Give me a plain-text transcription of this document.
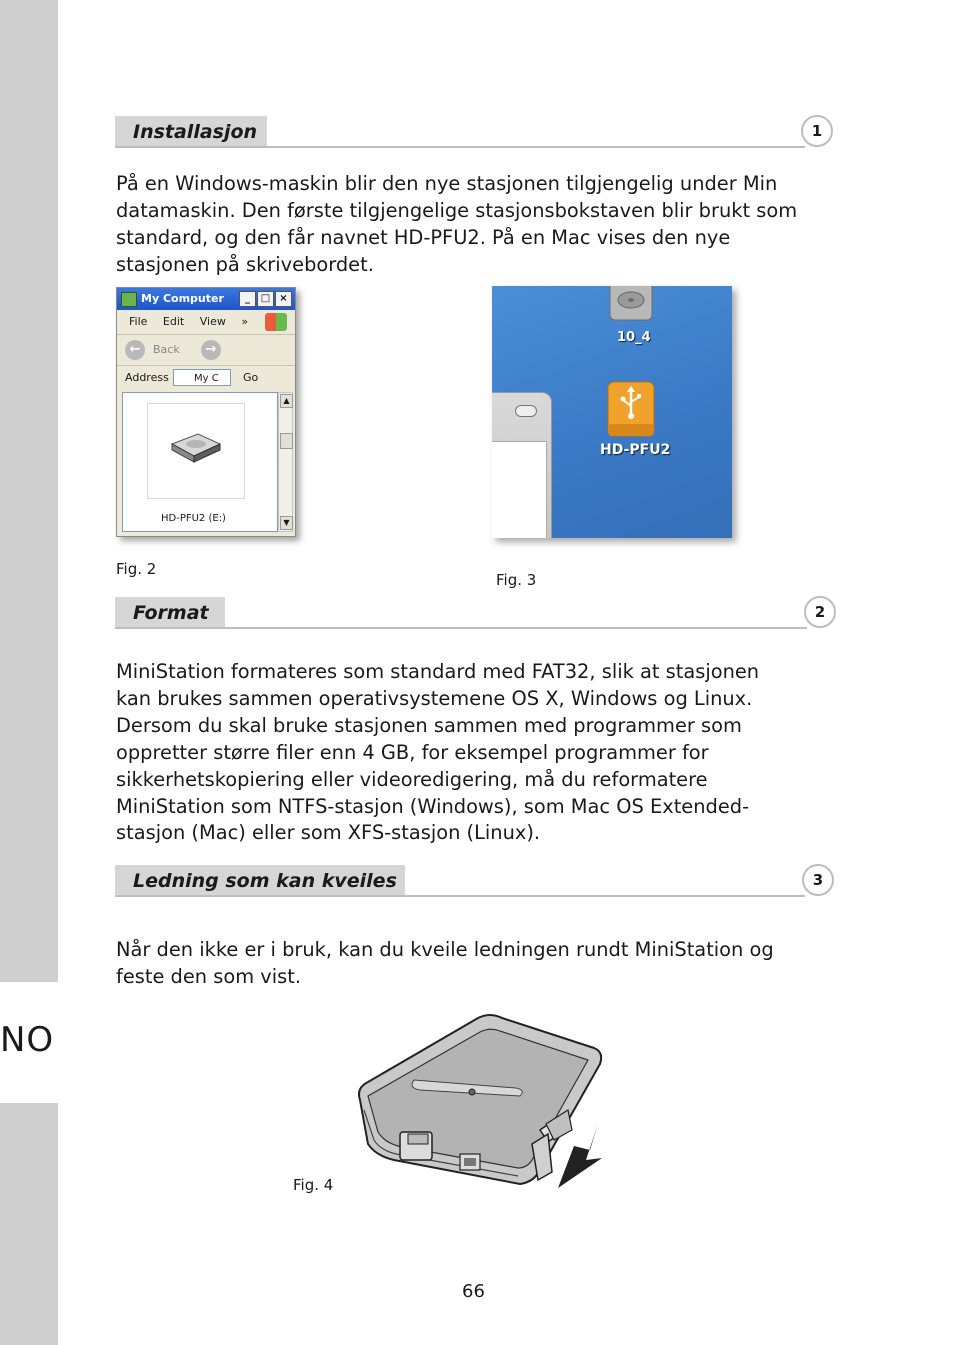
NO
Installasjon	1

På en Windows-maskin blir den nye stasjonen tilgjengelig under Min datamaskin. Den første tilgjengelige stasjonsbokstaven blir brukt som standard, og den får navnet HD-PFU2. På en Mac vises den nye stasjonen på skrivebordet.

My Computer	_	□ ×
File Edit View »
←	Back	→
Address	My C	Go
HD-PFU2 (E:)
▲
▼
Fig. 2
10_4
HD-PFU2
Fig. 3
Format	2

MiniStation formateres som standard med FAT32, slik at stasjonen kan brukes sammen operativsystemene OS X, Windows og Linux. Dersom du skal bruke stasjonen sammen med programmer som oppretter større filer enn 4 GB, for eksempel programmer for sikkerhetskopiering eller videoredigering, må du reformatere MiniStation som NTFS-stasjon (Windows), som Mac OS Extended-stasjon (Mac) eller som XFS-stasjon (Linux).

Ledning som kan kveiles	3

Når den ikke er i bruk, kan du kveile ledningen rundt MiniStation og feste den som vist.

Fig. 4
66
